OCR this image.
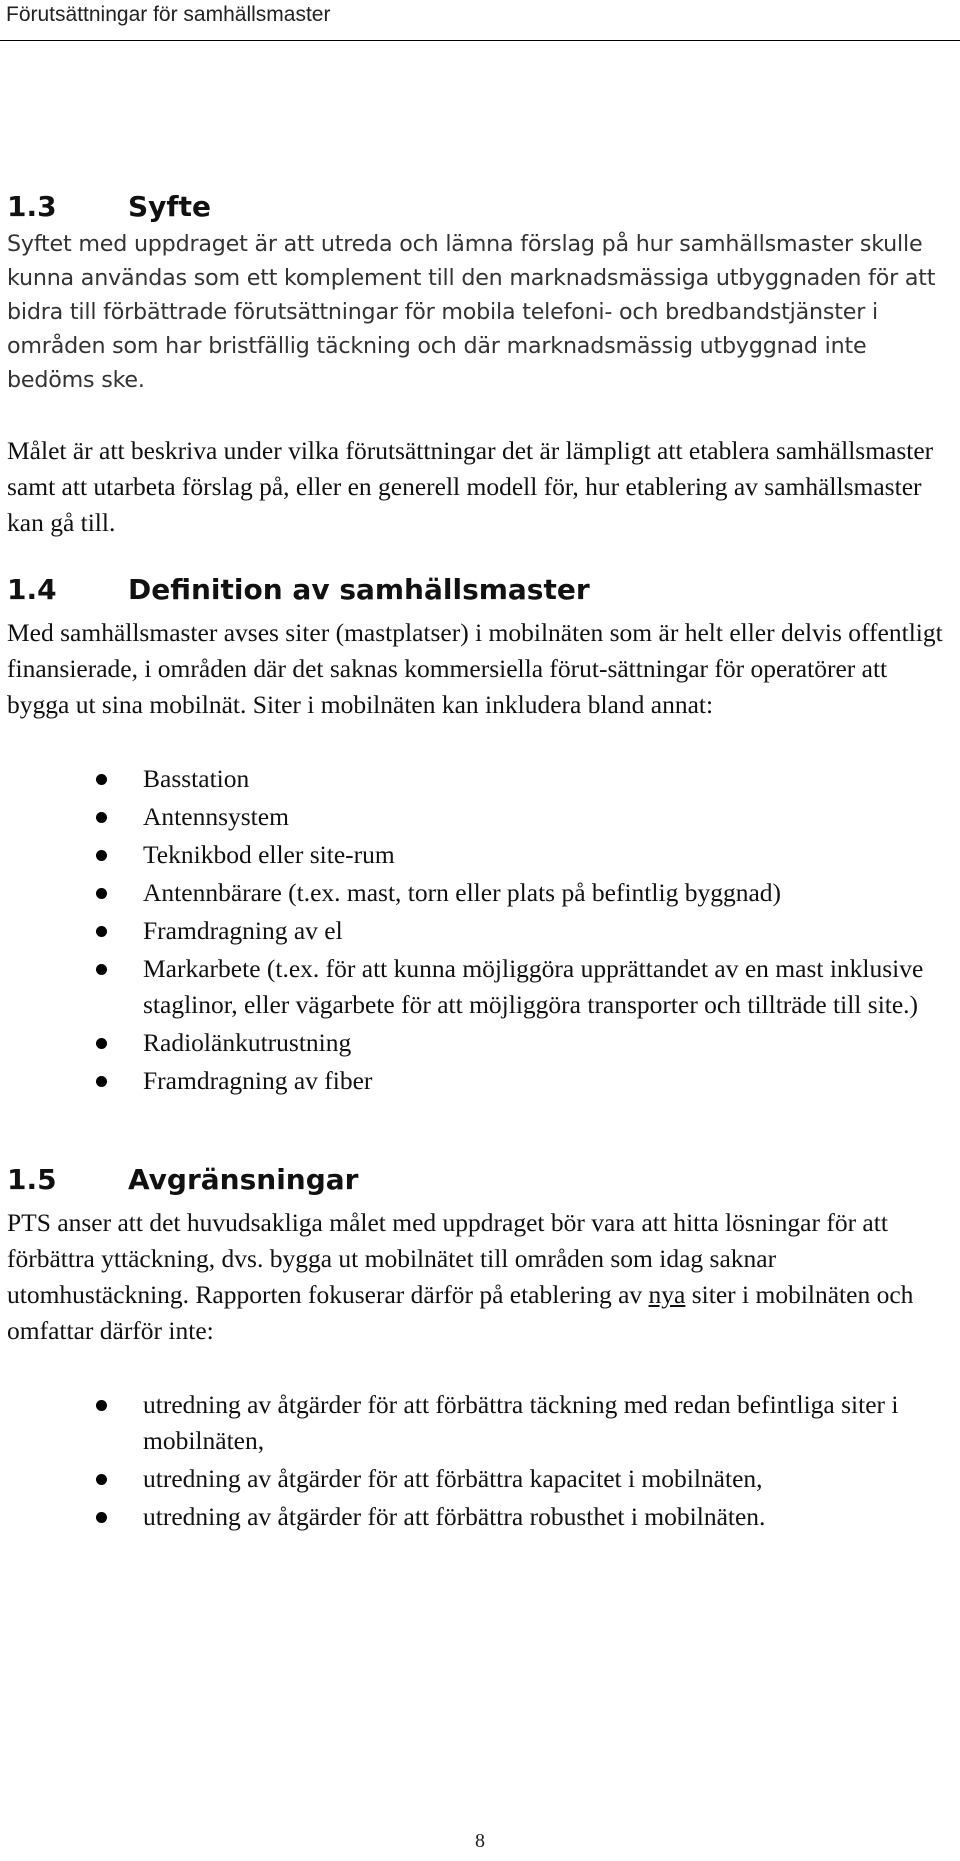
Förutsättningar för samhällsmaster
1.3	Syfte

Syftet med uppdraget är att utreda och lämna förslag på hur samhällsmaster skulle kunna användas som ett komplement till den marknadsmässiga utbyggnaden för att bidra till förbättrade förutsättningar för mobila telefoni- och bredbandstjänster i områden som har bristfällig täckning och där marknadsmässig utbyggnad inte bedöms ske.

Målet är att beskriva under vilka förutsättningar det är lämpligt att etablera samhällsmaster samt att utarbeta förslag på, eller en generell modell för, hur etablering av samhällsmaster kan gå till.

1.4	Definition av samhällsmaster

Med samhällsmaster avses siter (mastplatser) i mobilnäten som är helt eller delvis offentligt finansierade, i områden där det saknas kommersiella förut-sättningar för operatörer att bygga ut sina mobilnät. Siter i mobilnäten kan inkludera bland annat:

Basstation
Antennsystem
Teknikbod eller site-rum
Antennbärare (t.ex. mast, torn eller plats på befintlig byggnad)
Framdragning av el
Markarbete (t.ex. för att kunna möjliggöra upprättandet av en mast inklusive staglinor, eller vägarbete för att möjliggöra transporter och tillträde till site.)
Radiolänkutrustning
Framdragning av fiber
1.5	Avgränsningar

PTS anser att det huvudsakliga målet med uppdraget bör vara att hitta lösningar för att förbättra yttäckning, dvs. bygga ut mobilnätet till områden som idag saknar utomhustäckning. Rapporten fokuserar därför på etablering av nya siter i mobilnäten och omfattar därför inte:

utredning av åtgärder för att förbättra täckning med redan befintliga siter i mobilnäten,
utredning av åtgärder för att förbättra kapacitet i mobilnäten,
utredning av åtgärder för att förbättra robusthet i mobilnäten.
8
